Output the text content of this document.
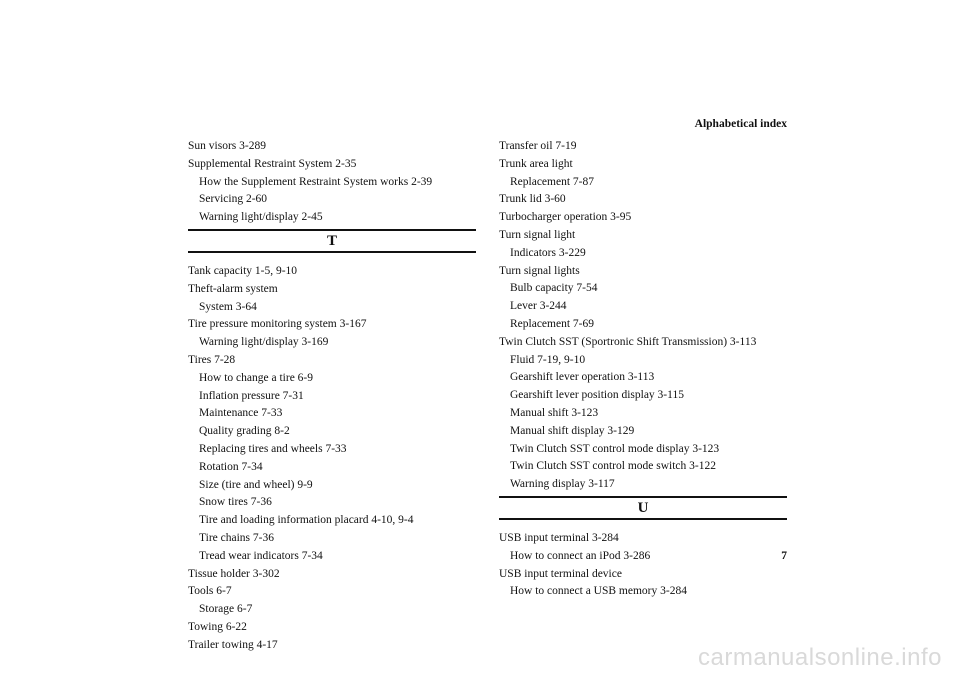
Alphabetical index
Sun visors 3-289
Supplemental Restraint System 2-35
How the Supplement Restraint System works 2-39
Servicing 2-60
Warning light/display 2-45
T
Tank capacity 1-5, 9-10
Theft-alarm system
System 3-64
Tire pressure monitoring system 3-167
Warning light/display 3-169
Tires 7-28
How to change a tire 6-9
Inflation pressure 7-31
Maintenance 7-33
Quality grading 8-2
Replacing tires and wheels 7-33
Rotation 7-34
Size (tire and wheel) 9-9
Snow tires 7-36
Tire and loading information placard 4-10, 9-4
Tire chains 7-36
Tread wear indicators 7-34
Tissue holder 3-302
Tools 6-7
Storage 6-7
Towing 6-22
Trailer towing 4-17
Transfer oil 7-19
Trunk area light
Replacement 7-87
Trunk lid 3-60
Turbocharger operation 3-95
Turn signal light
Indicators 3-229
Turn signal lights
Bulb capacity 7-54
Lever 3-244
Replacement 7-69
Twin Clutch SST (Sportronic Shift Transmission) 3-113
Fluid 7-19, 9-10
Gearshift lever operation 3-113
Gearshift lever position display 3-115
Manual shift 3-123
Manual shift display 3-129
Twin Clutch SST control mode display 3-123
Twin Clutch SST control mode switch 3-122
Warning display 3-117
U
USB input terminal 3-284
How to connect an iPod 3-286
USB input terminal device
How to connect a USB memory 3-284
7
carmanualsonline.info
